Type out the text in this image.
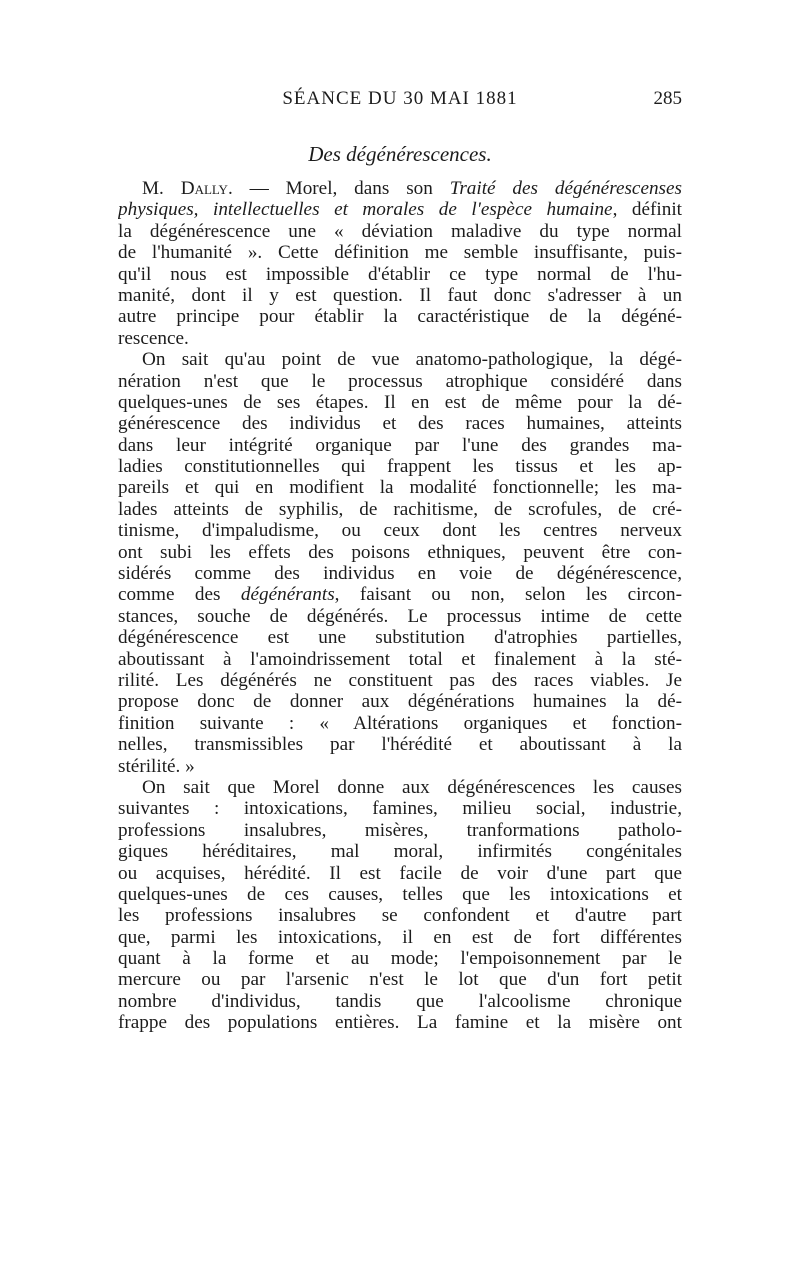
SÉANCE DU 30 MAI 1881	285
Des dégénérescences.
M. Dally. — Morel, dans son Traité des dégénérescenses
physiques, intellectuelles et morales de l'espèce humaine, définit
la dégénérescence une « déviation maladive du type normal
de l'humanité ». Cette définition me semble insuffisante, puis-
qu'il nous est impossible d'établir ce type normal de l'hu-
manité, dont il y est question. Il faut donc s'adresser à un
autre principe pour établir la caractéristique de la dégéné-
rescence.
On sait qu'au point de vue anatomo-pathologique, la dégé-
nération n'est que le processus atrophique considéré dans
quelques-unes de ses étapes. Il en est de même pour la dé-
générescence des individus et des races humaines, atteints
dans leur intégrité organique par l'une des grandes ma-
ladies constitutionnelles qui frappent les tissus et les ap-
pareils et qui en modifient la modalité fonctionnelle; les ma-
lades atteints de syphilis, de rachitisme, de scrofules, de cré-
tinisme, d'impaludisme, ou ceux dont les centres nerveux
ont subi les effets des poisons ethniques, peuvent être con-
sidérés comme des individus en voie de dégénérescence,
comme des dégénérants, faisant ou non, selon les circon-
stances, souche de dégénérés. Le processus intime de cette
dégénérescence est une substitution d'atrophies partielles,
aboutissant à l'amoindrissement total et finalement à la sté-
rilité. Les dégénérés ne constituent pas des races viables. Je
propose donc de donner aux dégénérations humaines la dé-
finition suivante : « Altérations organiques et fonction-
nelles, transmissibles par l'hérédité et aboutissant à la
stérilité. »
On sait que Morel donne aux dégénérescences les causes
suivantes : intoxications, famines, milieu social, industrie,
professions insalubres, misères, tranformations patholo-
giques héréditaires, mal moral, infirmités congénitales
ou acquises, hérédité. Il est facile de voir d'une part que
quelques-unes de ces causes, telles que les intoxications et
les professions insalubres se confondent et d'autre part
que, parmi les intoxications, il en est de fort différentes
quant à la forme et au mode; l'empoisonnement par le
mercure ou par l'arsenic n'est le lot que d'un fort petit
nombre d'individus, tandis que l'alcoolisme chronique
frappe des populations entières. La famine et la misère ont
